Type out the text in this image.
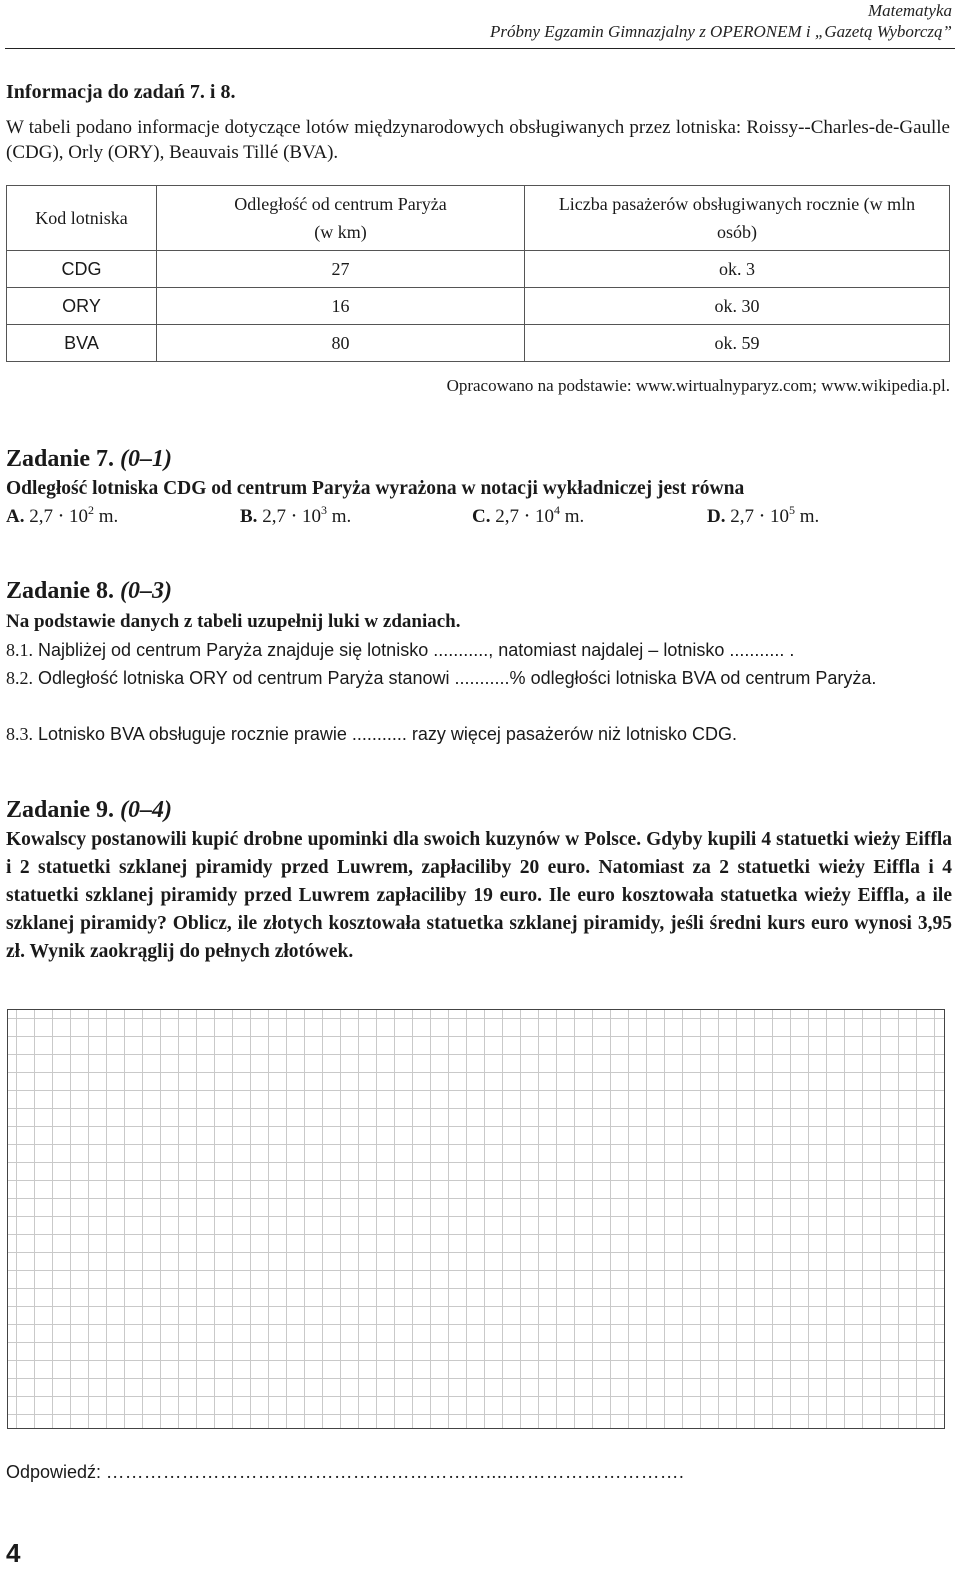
Matematyka
Próbny Egzamin Gimnazjalny z OPERONEM i „Gazetą Wyborczą”
Informacja do zadań 7. i 8.
W tabeli podano informacje dotyczące lotów międzynarodowych obsługiwanych przez lotniska: Roissy--Charles-de-Gaulle (CDG), Orly (ORY), Beauvais Tillé (BVA).
Kod lotniska	Odległość od centrum Paryża (w km)	Liczba pasażerów obsługiwanych rocznie (w mln osób)
CDG	27	ok. 3
ORY	16	ok. 30
BVA	80	ok. 59
Opracowano na podstawie: www.wirtualnyparyz.com; www.wikipedia.pl.
Zadanie 7. (0–1)
Odległość lotniska CDG od centrum Paryża wyrażona w notacji wykładniczej jest równa
A. $2,7 \cdot 10^2$ m.	B. $2,7 \cdot 10^3$ m.	C. $2,7 \cdot 10^4$ m.	D. $2,7 \cdot 10^5$ m.
Zadanie 8. (0–3)
Na podstawie danych z tabeli uzupełnij luki w zdaniach.
8.1. Najbliżej od centrum Paryża znajduje się lotnisko ..........., natomiast najdalej – lotnisko ........... .
8.2. Odległość lotniska ORY od centrum Paryża stanowi ...........% odległości lotniska BVA od centrum Paryża.
8.3. Lotnisko BVA obsługuje rocznie prawie ........... razy więcej pasażerów niż lotnisko CDG.
Zadanie 9. (0–4)
Kowalscy postanowili kupić drobne upominki dla swoich kuzynów w Polsce. Gdyby kupili 4 statuetki wieży Eiffla i 2 statuetki szklanej piramidy przed Luwrem, zapłaciliby 20 euro. Natomiast za 2 statuetki wieży Eiffla i 4 statuetki szklanej piramidy przed Luwrem zapłaciliby 19 euro. Ile euro kosztowała statuetka wieży Eiffla, a ile szklanej piramidy? Oblicz, ile złotych kosztowała statuetka szklanej piramidy, jeśli średni kurs euro wynosi 3,95 zł. Wynik zaokrąglij do pełnych złotówek.
Odpowiedź: ……………………………………………………....……………………….
4
